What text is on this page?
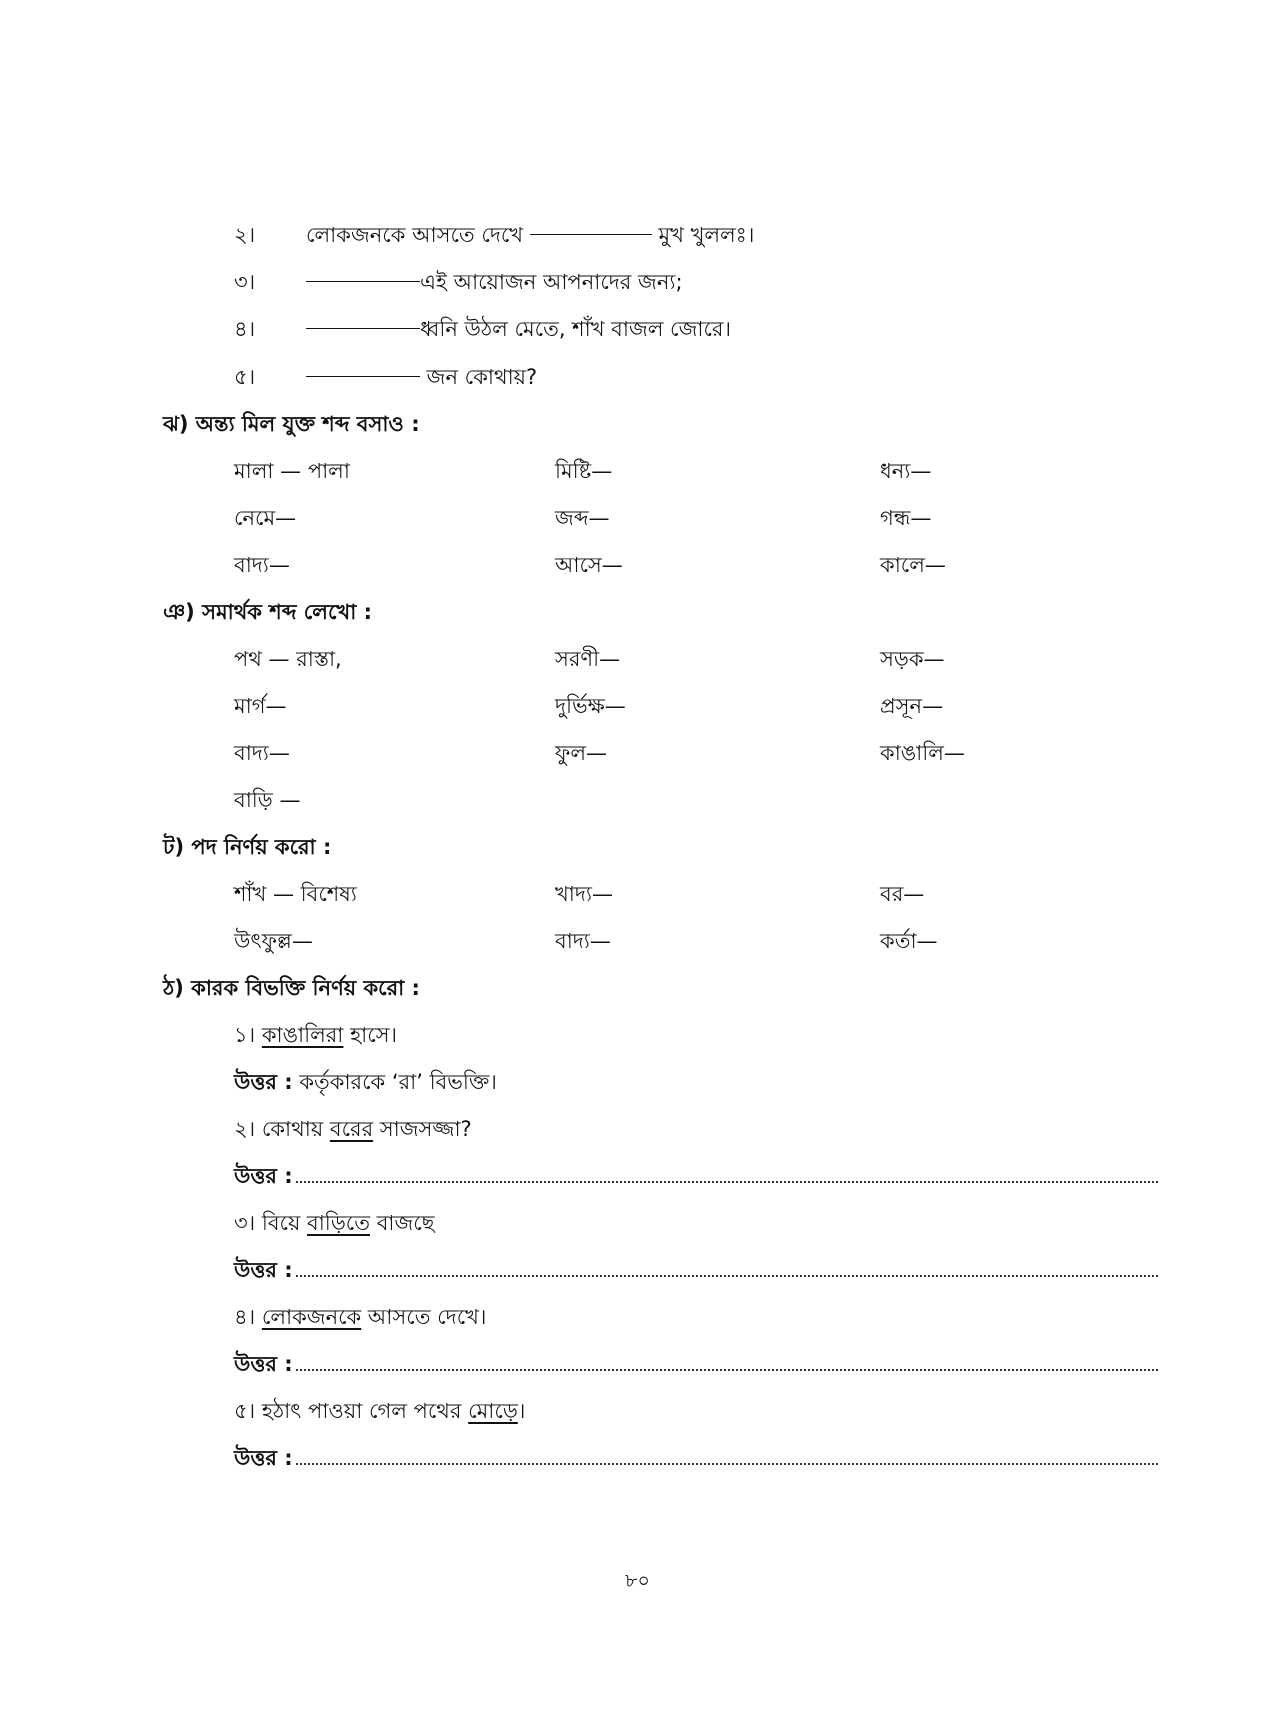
২। লোকজনকে আসতে দেখে	মুখ খুললঃ।
৩।	এই আয়োজন আপনাদের জন্য;
৪।	ধ্বনি উঠল মেতে, শাঁখ বাজল জোরে।
৫।	জন কোথায়?
ঝ) অন্ত্য মিল যুক্ত শব্দ বসাও :
মালা — পালা	মিষ্টি—	ধন্য—
নেমে—	জব্দ—	গন্ধ—
বাদ্য—	আসে—	কালে—
ঞ) সমার্থক শব্দ লেখো :
পথ — রাস্তা,	সরণী—	সড়ক—
মার্গ—	দুর্ভিক্ষ—	প্রসূন—
বাদ্য—	ফুল—	কাঙালি—
বাড়ি —
ট) পদ নির্ণয় করো :
শাঁখ — বিশেষ্য	খাদ্য—	বর—
উৎফুল্ল—	বাদ্য—	কর্তা—
ঠ) কারক বিভক্তি নির্ণয় করো :
১। কাঙালিরা হাসে।
উত্তর : কর্তৃকারকে ‘রা’ বিভক্তি।
২। কোথায় বরের সাজসজ্জা?
উত্তর :
৩। বিয়ে বাড়িতে বাজছে
উত্তর :
৪। লোকজনকে আসতে দেখে।
উত্তর :
৫। হঠাৎ পাওয়া গেল পথের মোড়ে।
উত্তর :
৮০
